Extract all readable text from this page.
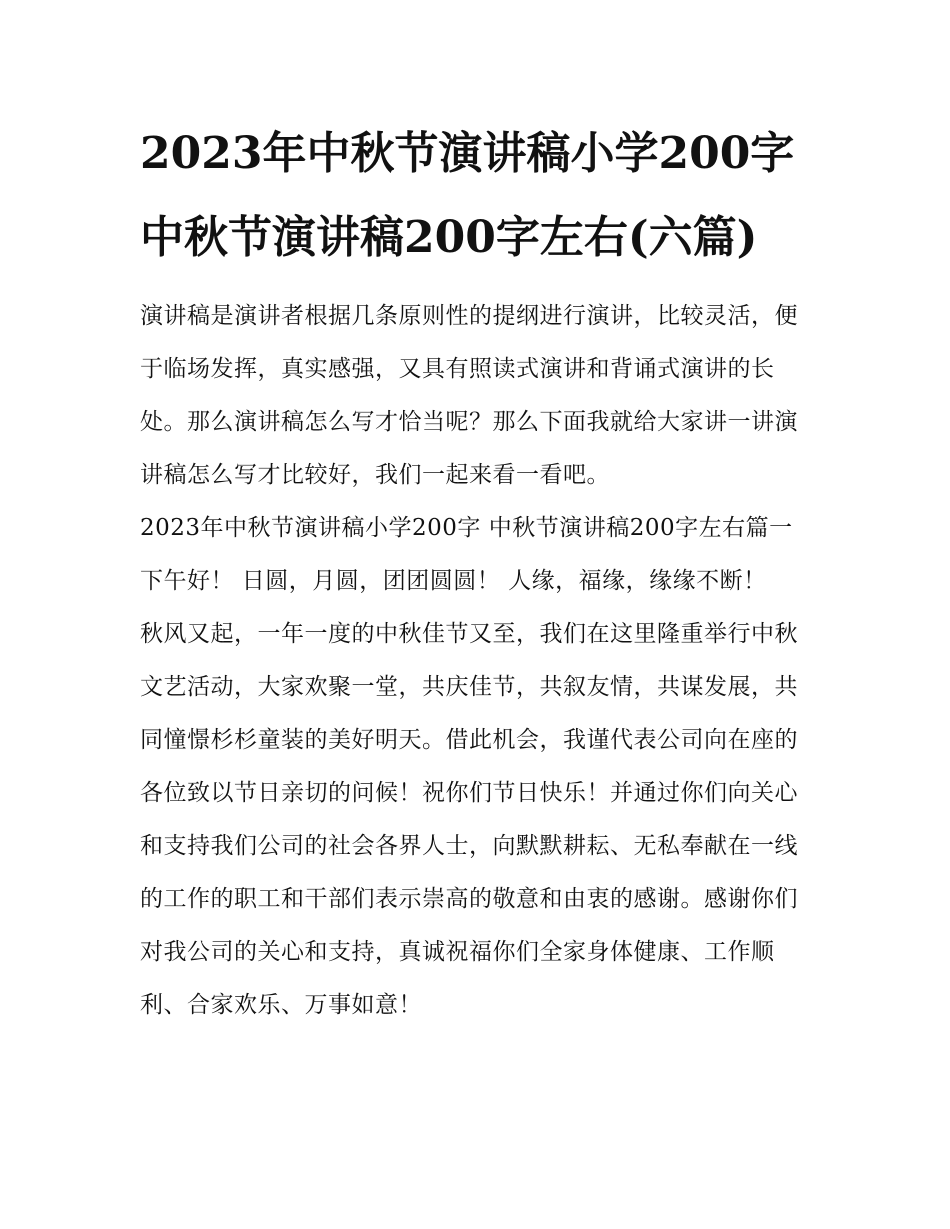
2023年中秋节演讲稿小学200字 中秋节演讲稿200字左右(六篇)

演讲稿是演讲者根据几条原则性的提纲进行演讲，比较灵活，便于临场发挥，真实感强，又具有照读式演讲和背诵式演讲的长处。那么演讲稿怎么写才恰当呢？那么下面我就给大家讲一讲演讲稿怎么写才比较好，我们一起来看一看吧。

2023年中秋节演讲稿小学200字 中秋节演讲稿200字左右篇一 下午好！ 日圆，月圆，团团圆圆！ 人缘，福缘，缘缘不断！

秋风又起，一年一度的中秋佳节又至，我们在这里隆重举行中秋文艺活动，大家欢聚一堂，共庆佳节，共叙友情，共谋发展，共同憧憬杉杉童装的美好明天。借此机会，我谨代表公司向在座的各位致以节日亲切的问候！祝你们节日快乐！并通过你们向关心和支持我们公司的社会各界人士，向默默耕耘、无私奉献在一线的工作的职工和干部们表示崇高的敬意和由衷的感谢。感谢你们对我公司的关心和支持，真诚祝福你们全家身体健康、工作顺利、合家欢乐、万事如意！
